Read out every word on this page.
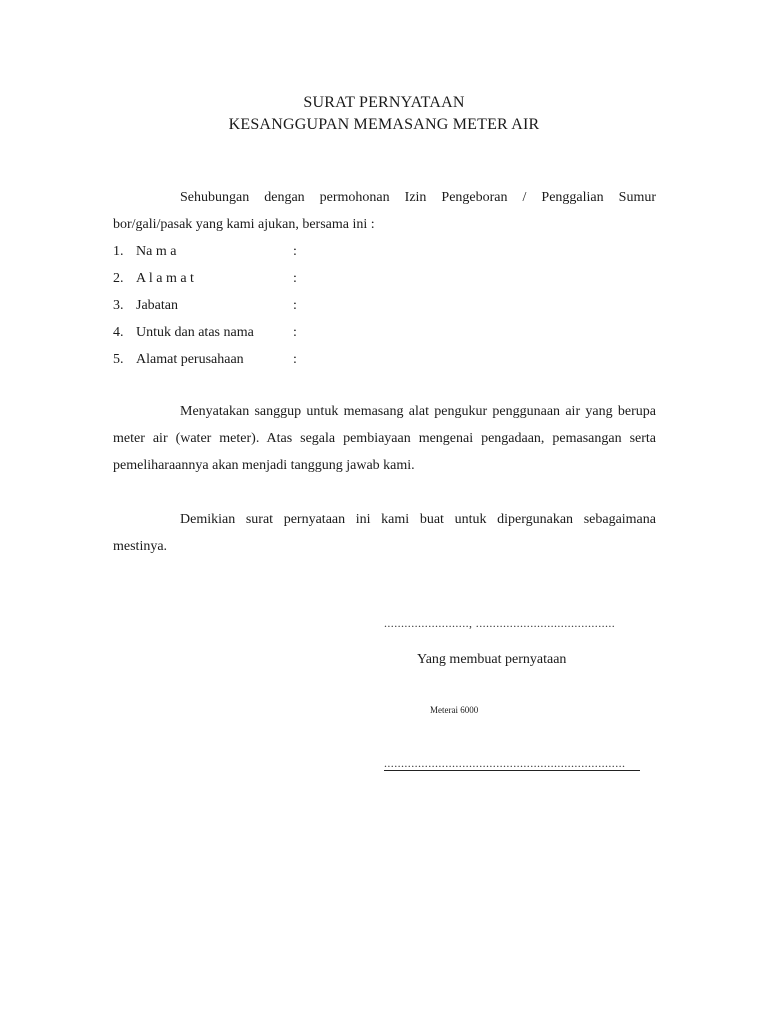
SURAT PERNYATAAN
KESANGGUPAN MEMASANG METER AIR
Sehubungan dengan permohonan Izin Pengeboran / Penggalian Sumur bor/gali/pasak yang kami ajukan, bersama ini :
1. Na m a	:
2. A l a m a t	:
3. Jabatan	:
4. Untuk dan atas nama	:
5. Alamat perusahaan	:
Menyatakan sanggup untuk memasang alat pengukur penggunaan air yang berupa meter air (water meter). Atas segala pembiayaan mengenai pengadaan, pemasangan serta pemeliharaannya akan menjadi tanggung jawab kami.
Demikian surat pernyataan ini kami buat untuk dipergunakan sebagaimana mestinya.
........................., .........................................
Yang membuat pernyataan
Meterai 6000
.......................................................................
